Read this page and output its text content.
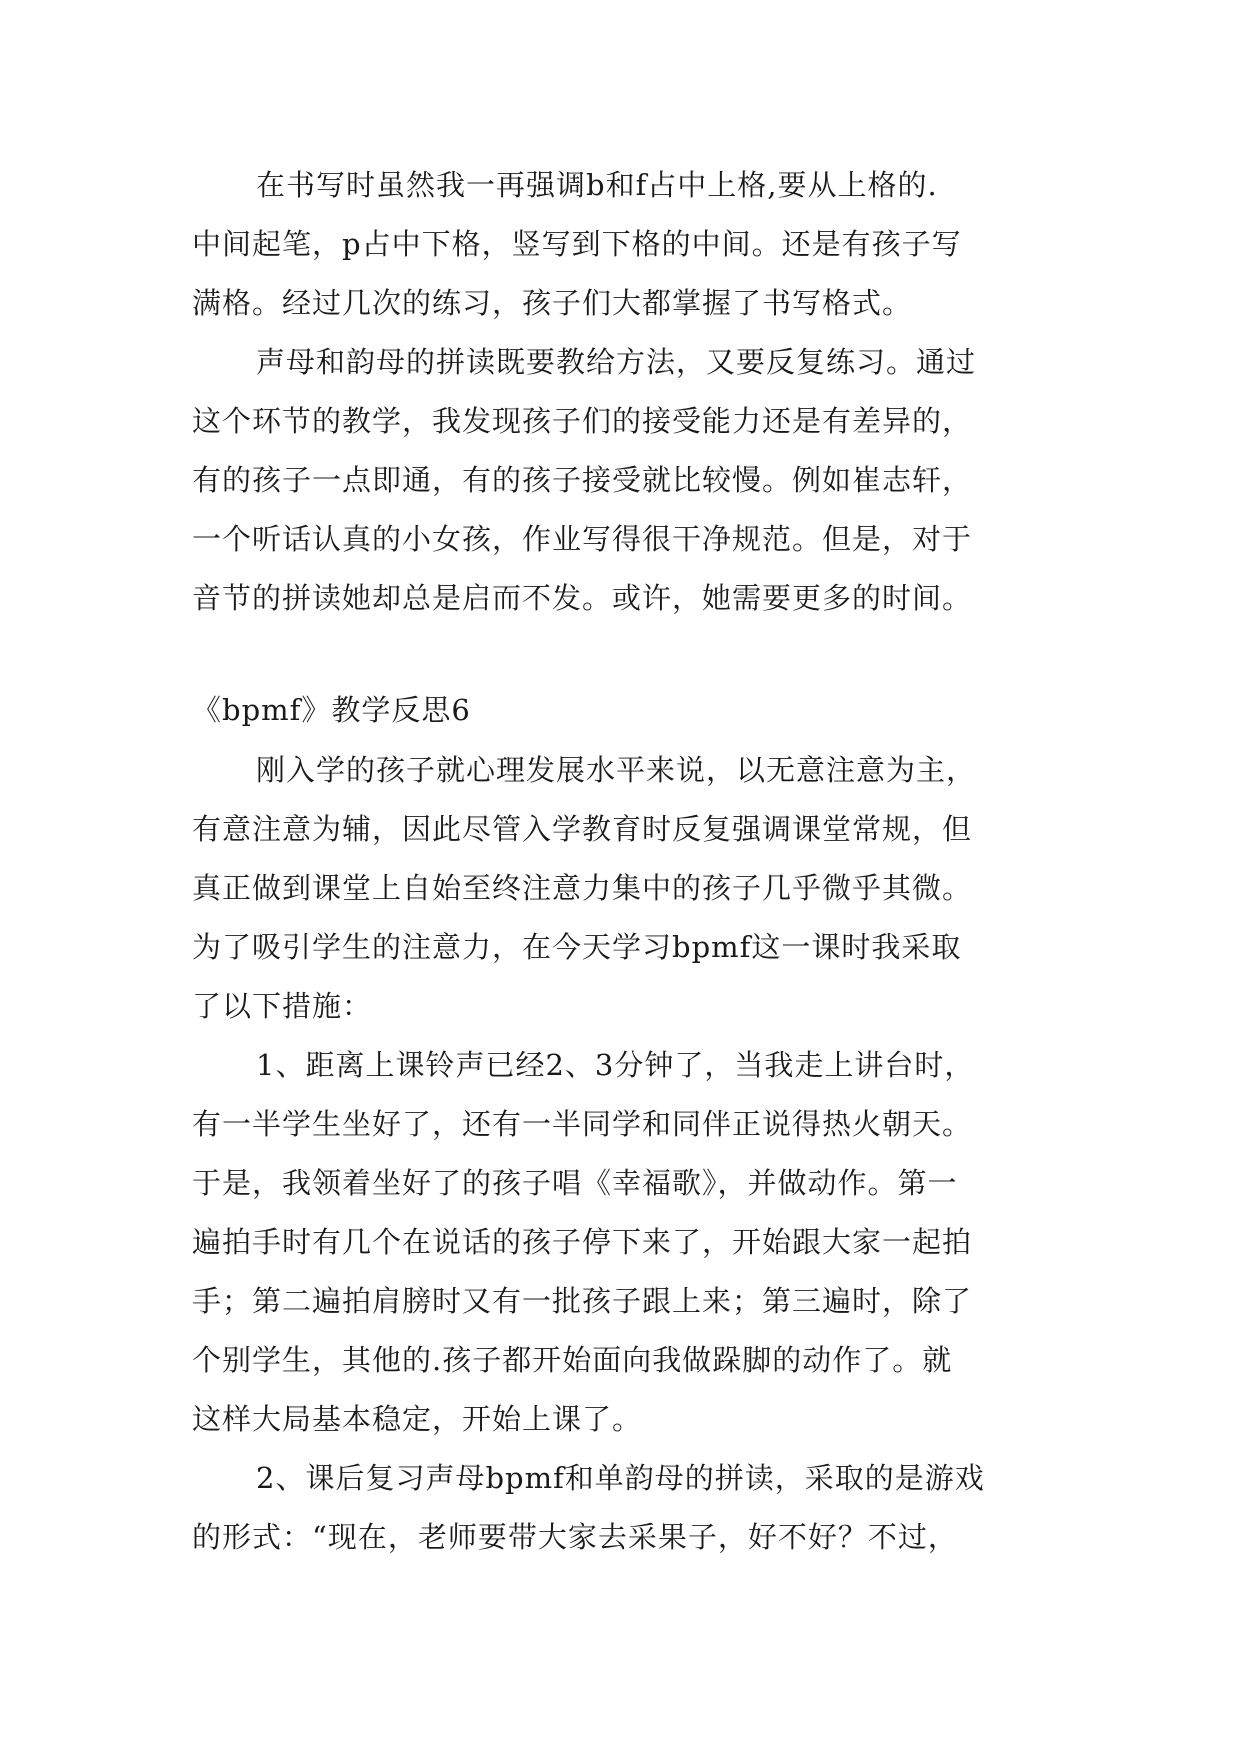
在书写时虽然我一再强调b和f占中上格,要从上格的.

中间起笔，p占中下格，竖写到下格的中间。还是有孩子写

满格。经过几次的练习，孩子们大都掌握了书写格式。

声母和韵母的拼读既要教给方法，又要反复练习。通过

这个环节的教学，我发现孩子们的接受能力还是有差异的，

有的孩子一点即通，有的孩子接受就比较慢。例如崔志轩，

一个听话认真的小女孩，作业写得很干净规范。但是，对于

音节的拼读她却总是启而不发。或许，她需要更多的时间。

《bpmf》教学反思6

刚入学的孩子就心理发展水平来说，以无意注意为主，

有意注意为辅，因此尽管入学教育时反复强调课堂常规，但

真正做到课堂上自始至终注意力集中的孩子几乎微乎其微。

为了吸引学生的注意力，在今天学习bpmf这一课时我采取

了以下措施：

1、距离上课铃声已经2、3分钟了，当我走上讲台时，

有一半学生坐好了，还有一半同学和同伴正说得热火朝天。

于是，我领着坐好了的孩子唱《幸福歌》，并做动作。第一

遍拍手时有几个在说话的孩子停下来了，开始跟大家一起拍

手；第二遍拍肩膀时又有一批孩子跟上来；第三遍时，除了

个别学生，其他的.孩子都开始面向我做跺脚的动作了。就

这样大局基本稳定，开始上课了。

2、课后复习声母bpmf和单韵母的拼读，采取的是游戏

的形式：“现在，老师要带大家去采果子，好不好？不过，
